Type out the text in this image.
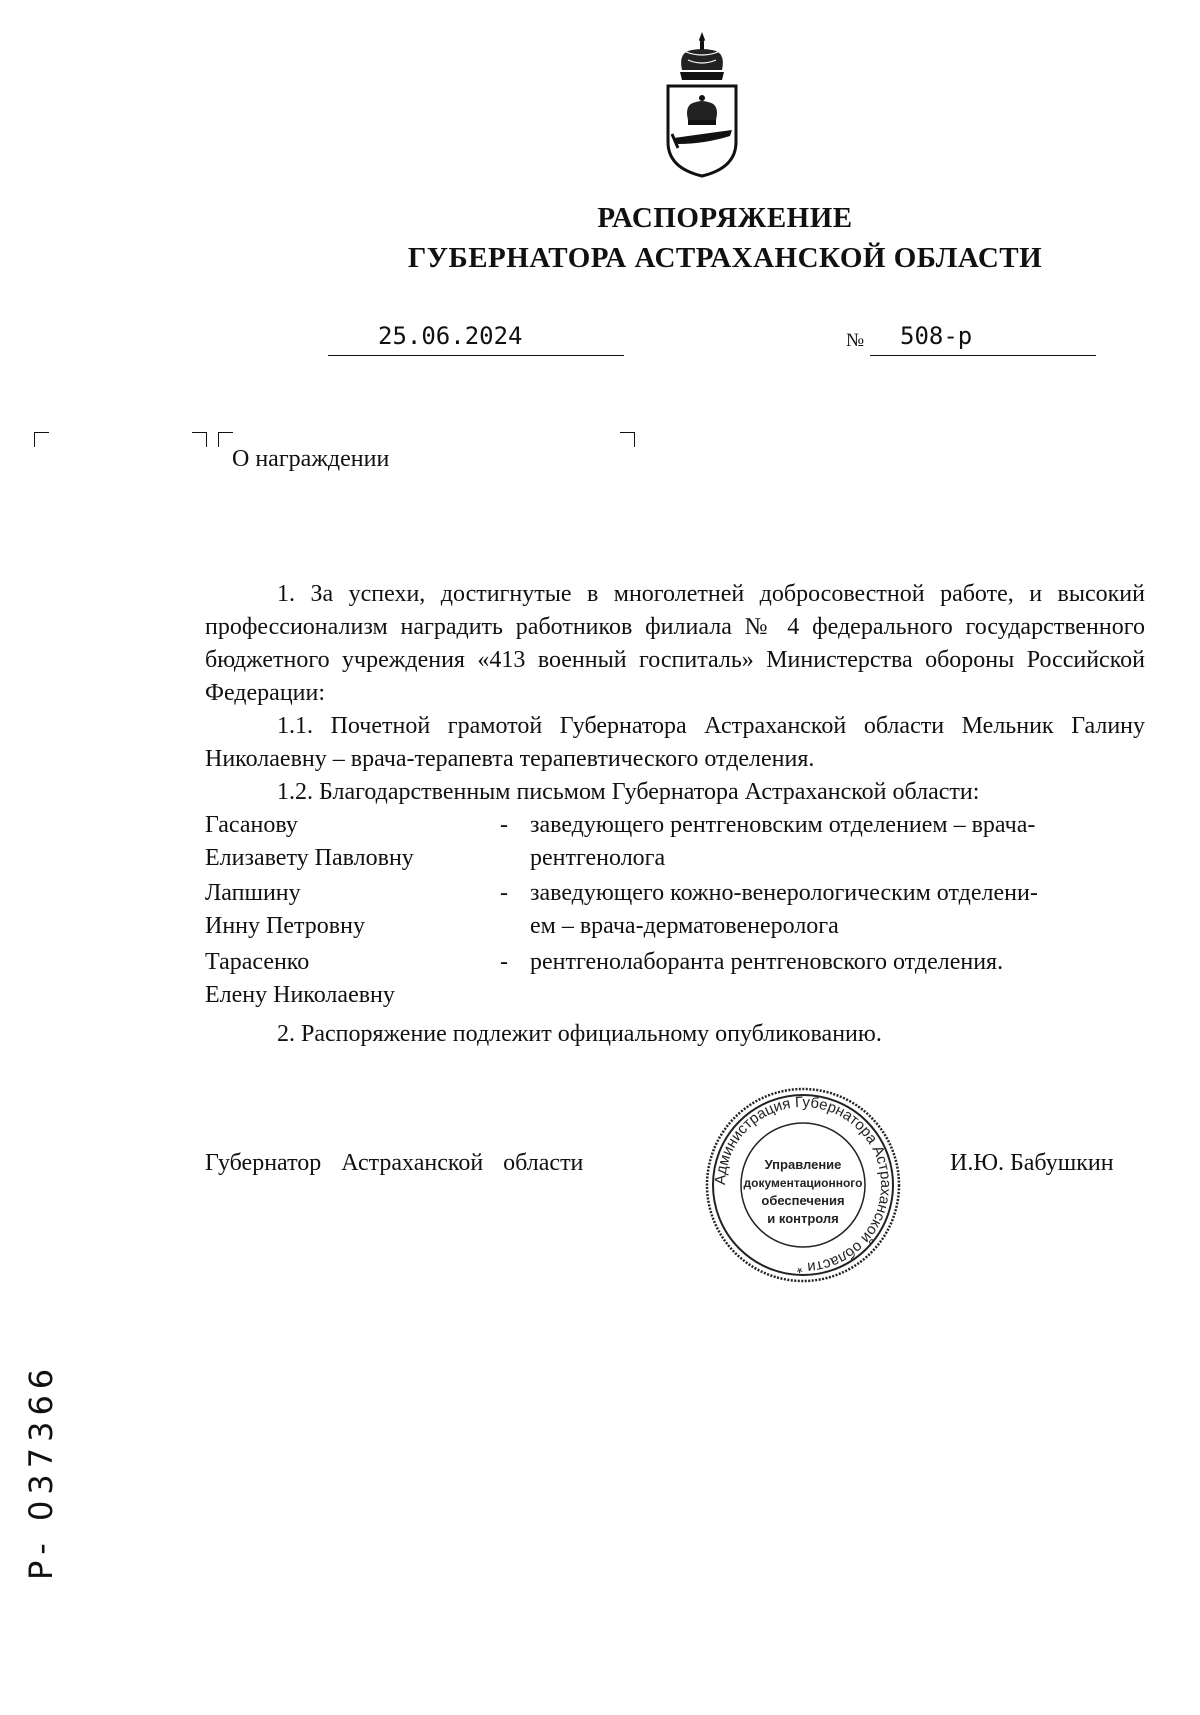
РАСПОРЯЖЕНИЕ
ГУБЕРНАТОРА АСТРАХАНСКОЙ ОБЛАСТИ
25.06.2024	№ 508-р
О награждении
1. За успехи, достигнутые в многолетней добросовестной работе, и высокий профессионализм наградить работников филиала № 4 федерального государственного бюджетного учреждения «413 военный госпиталь» Министерства обороны Российской Федерации:
1.1. Почетной грамотой Губернатора Астраханской области Мельник Галину Николаевну – врача-терапевта терапевтического отделения.
1.2. Благодарственным письмом Губернатора Астраханской области:
Гасанову
Елизавету Павловну
- заведующего рентгеновским отделением – врача-
рентгенолога
Лапшину
Инну Петровну
- заведующего кожно-венерологическим отделени-
ем – врача-дерматовенеролога
Тарасенко
Елену Николаевну
- рентгенолаборанта рентгеновского отделения.
2. Распоряжение подлежит официальному опубликованию.
Губернатор Астраханской области	И.Ю. Бабушкин
Администрация Губернатора Астраханской области *
Управление
документационного
обеспечения
и контроля
Р- 037366
